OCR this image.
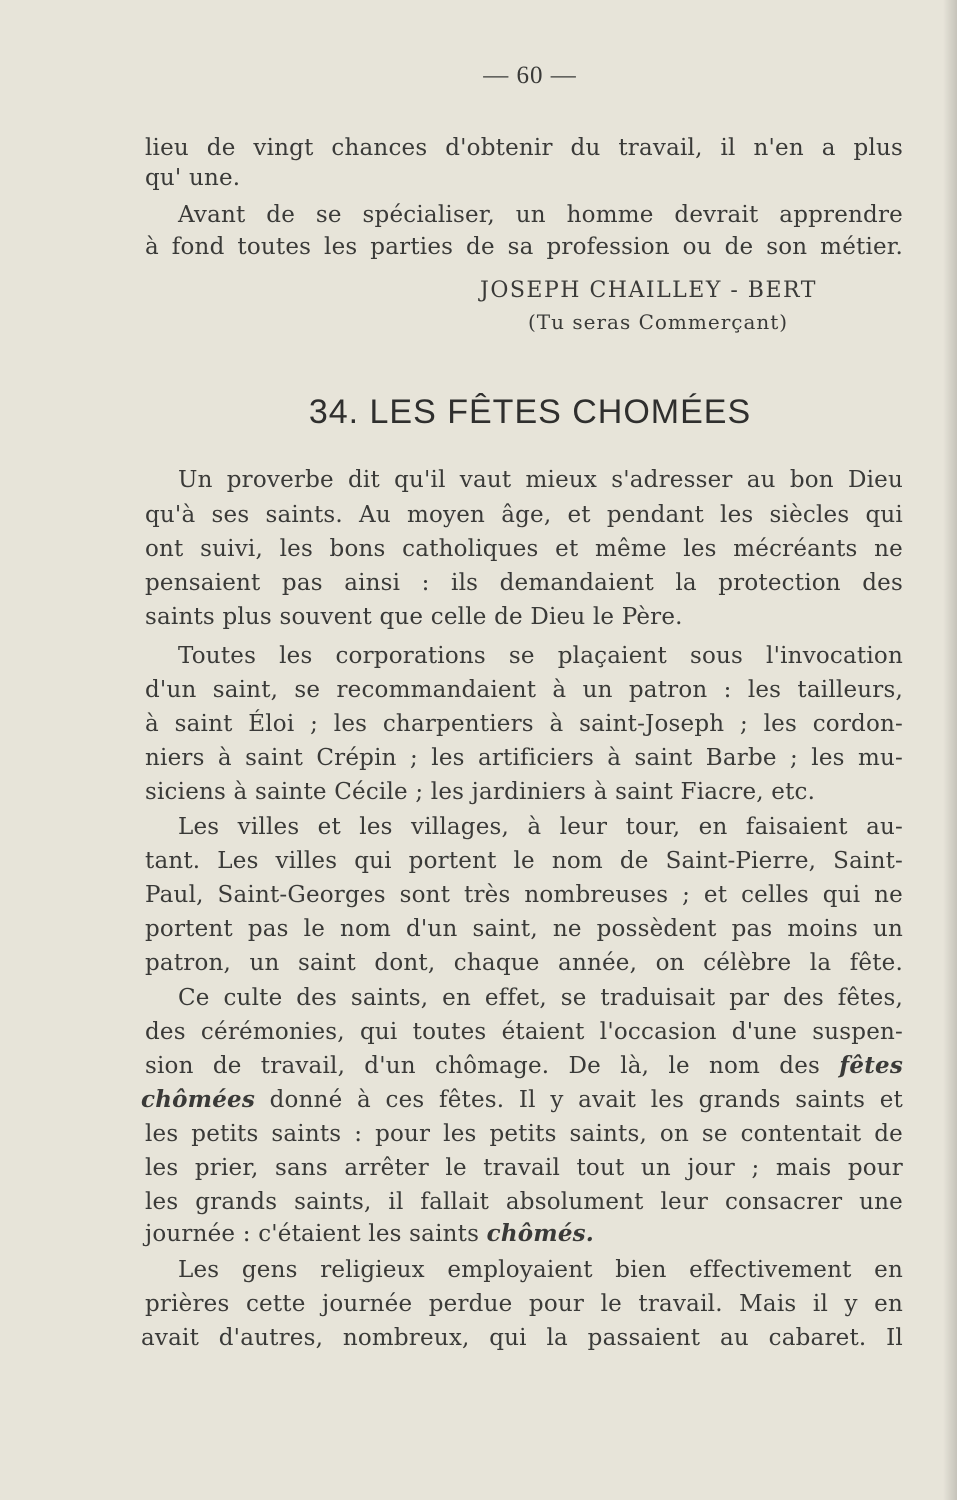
— 60 —
lieu de vingt chances d'obtenir du travail, il n'en a plus
qu' une.
Avant de se spécialiser, un homme devrait apprendre
à fond toutes les parties de sa profession ou de son métier.
JOSEPH CHAILLEY - BERT
(Tu seras Commerçant)
34. LES FÊTES CHOMÉES
Un proverbe dit qu'il vaut mieux s'adresser au bon Dieu
qu'à ses saints. Au moyen âge, et pendant les siècles qui
ont suivi, les bons catholiques et même les mécréants ne
pensaient pas ainsi : ils demandaient la protection des
saints plus souvent que celle de Dieu le Père.
Toutes les corporations se plaçaient sous l'invocation
d'un saint, se recommandaient à un patron : les tailleurs,
à saint Éloi ; les charpentiers à saint-Joseph ; les cordon-
niers à saint Crépin ; les artificiers à saint Barbe ; les mu-
siciens à sainte Cécile ; les jardiniers à saint Fiacre, etc.
Les villes et les villages, à leur tour, en faisaient au-
tant. Les villes qui portent le nom de Saint-Pierre, Saint-
Paul, Saint-Georges sont très nombreuses ; et celles qui ne
portent pas le nom d'un saint, ne possèdent pas moins un
patron, un saint dont, chaque année, on célèbre la fête.
Ce culte des saints, en effet, se traduisait par des fêtes,
des cérémonies, qui toutes étaient l'occasion d'une suspen-
sion de travail, d'un chômage. De là, le nom des fêtes
chômées donné à ces fêtes. Il y avait les grands saints et
les petits saints : pour les petits saints, on se contentait de
les prier, sans arrêter le travail tout un jour ; mais pour
les grands saints, il fallait absolument leur consacrer une
journée : c'étaient les saints chômés.
Les gens religieux employaient bien effectivement en
prières cette journée perdue pour le travail. Mais il y en
avait d'autres, nombreux, qui la passaient au cabaret. Il
